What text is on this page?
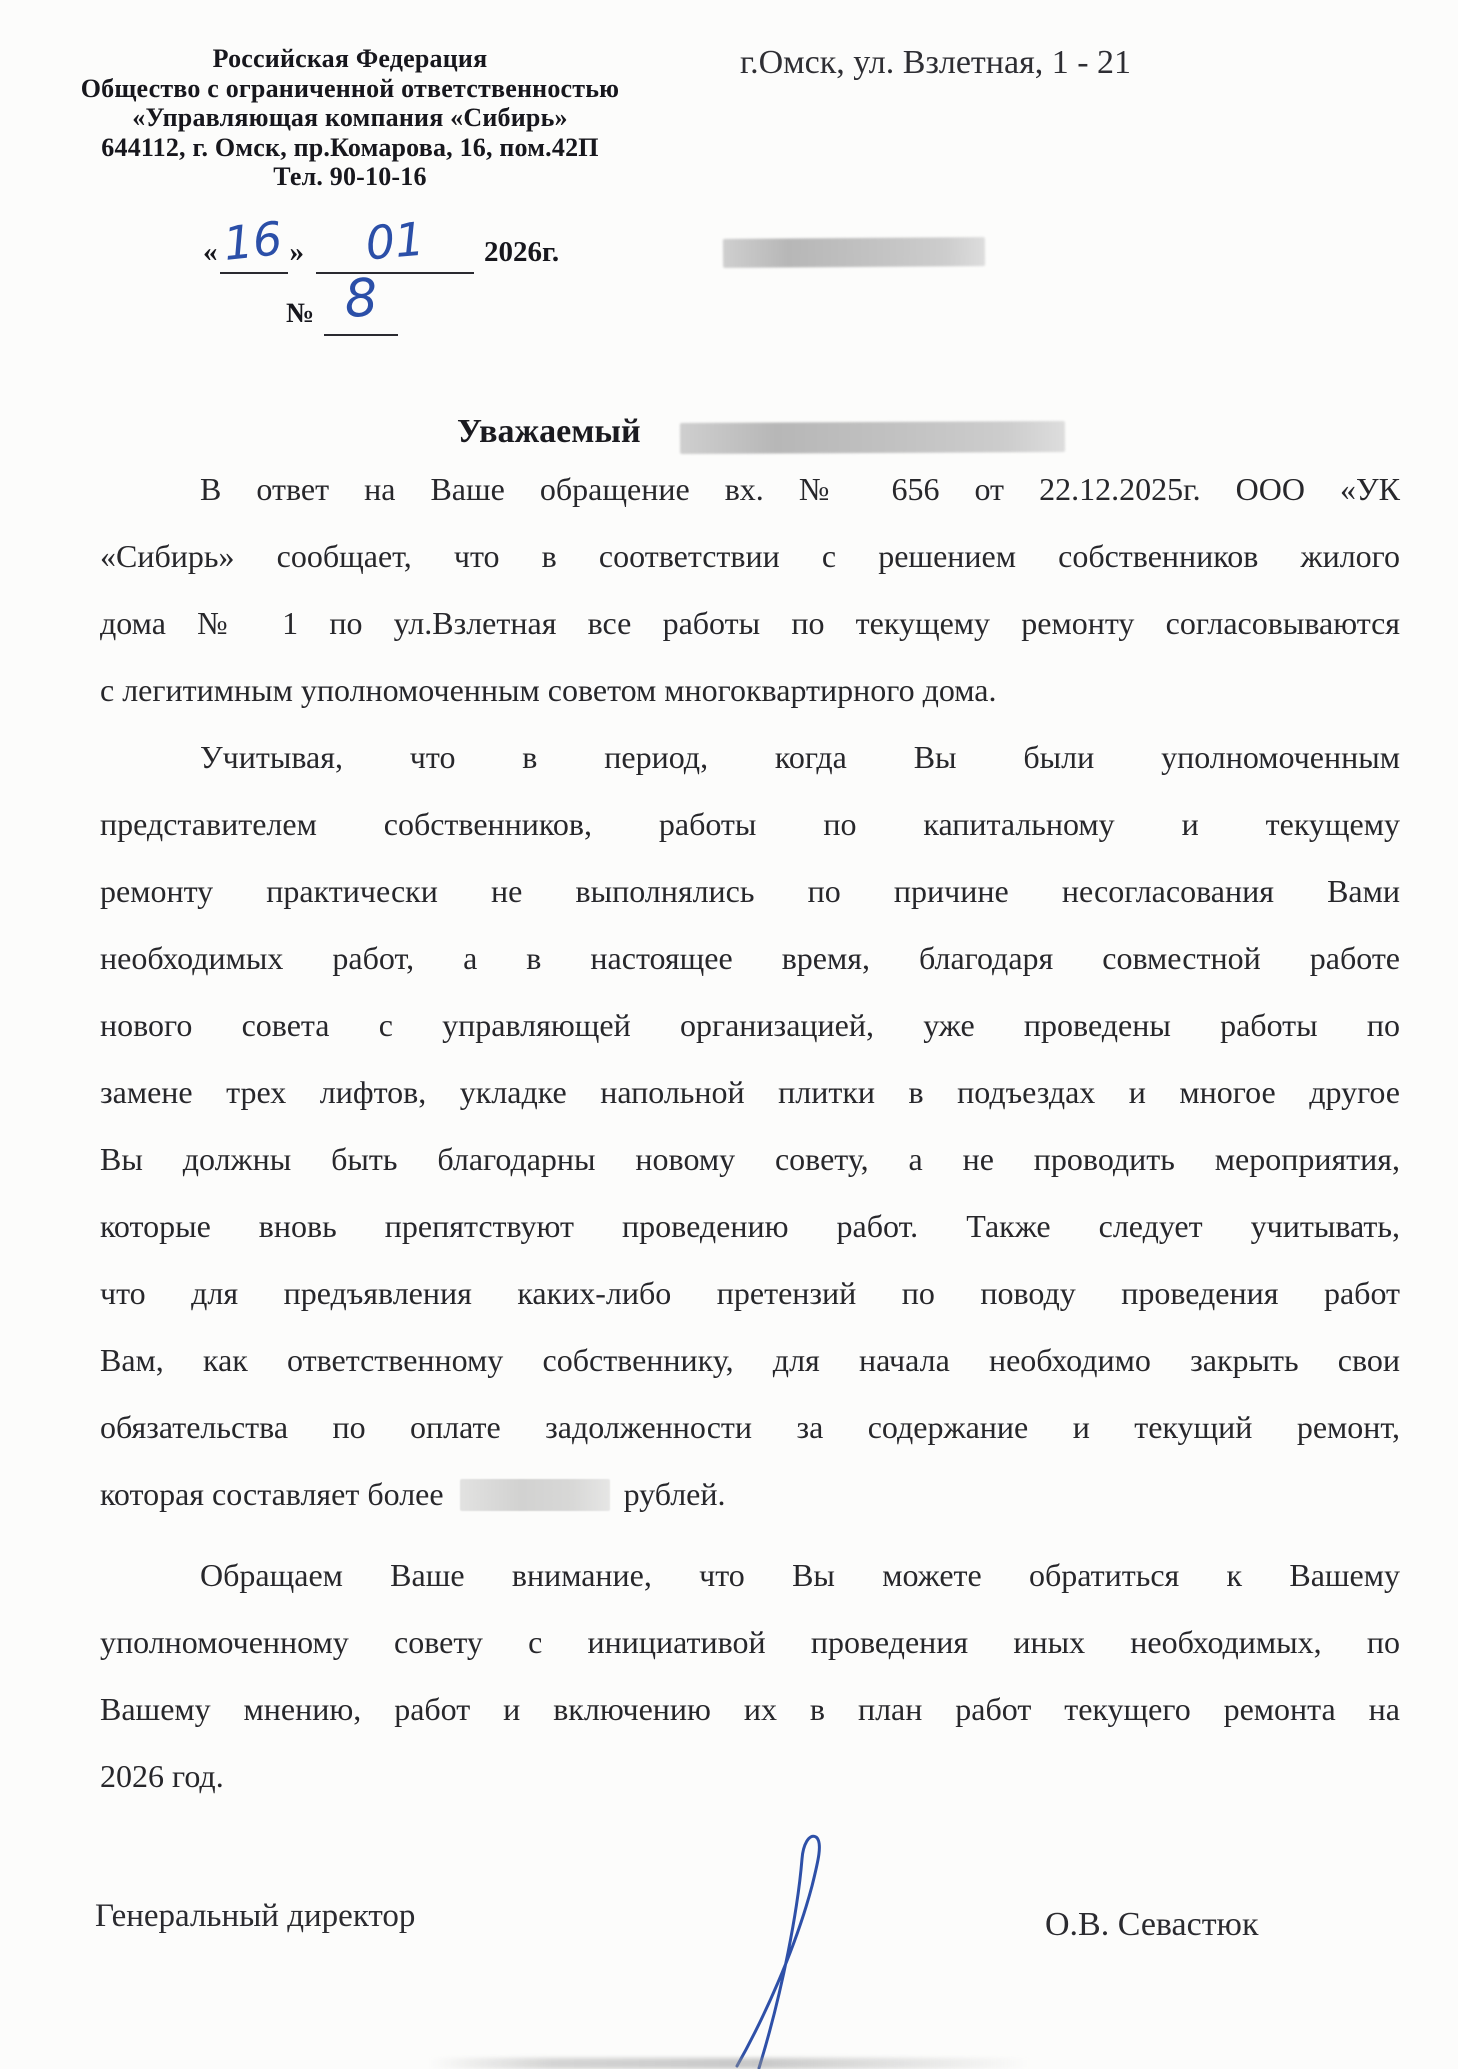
Российская Федерация
Общество с ограниченной ответственностью
«Управляющая компания «Сибирь»
644112, г. Омск, пр.Комарова, 16, пом.42П
Тел. 90-10-16
г.Омск, ул. Взлетная, 1 - 21
«16 » 01 2026г.
№ 8
Уважаемый
В ответ на Ваше обращение вх. № 656 от 22.12.2025г. ООО «УК
«Сибирь» сообщает, что в соответствии с решением собственников жилого
дома № 1 по ул.Взлетная все работы по текущему ремонту согласовываются
с легитимным уполномоченным советом многоквартирного дома.
Учитывая, что в период, когда Вы были уполномоченным
представителем собственников, работы по капитальному и текущему
ремонту практически не выполнялись по причине несогласования Вами
необходимых работ, а в настоящее время, благодаря совместной работе
нового совета с управляющей организацией, уже проведены работы по
замене трех лифтов, укладке напольной плитки в подъездах и многое другое
Вы должны быть благодарны новому совету, а не проводить мероприятия,
которые вновь препятствуют проведению работ. Также следует учитывать,
что для предъявления каких-либо претензий по поводу проведения работ
Вам, как ответственному собственнику, для начала необходимо закрыть свои
обязательства по оплате задолженности за содержание и текущий ремонт,
которая составляет более	рублей.
Обращаем Ваше внимание, что Вы можете обратиться к Вашему
уполномоченному совету с инициативой проведения иных необходимых, по
Вашему мнению, работ и включению их в план работ текущего ремонта на
2026 год.
Генеральный директор	О.В. Севастюк
